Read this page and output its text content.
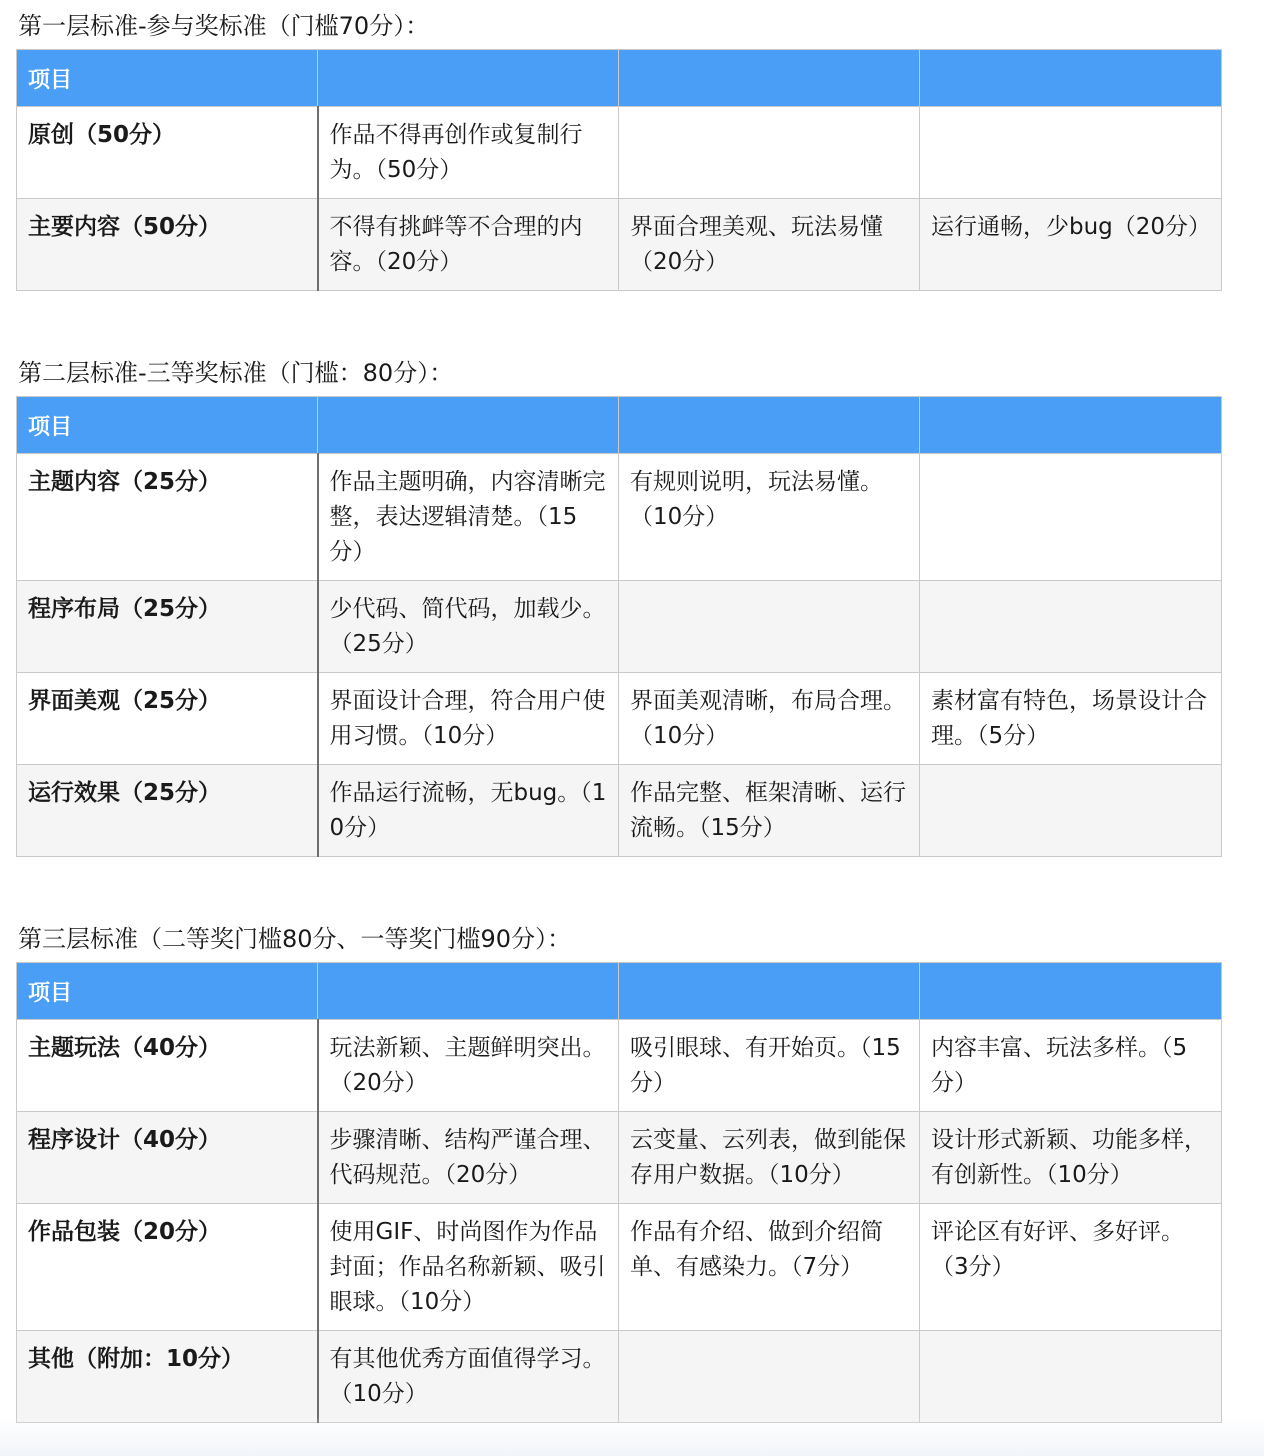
第一层标准-参与奖标准（门槛70分）：
项目			
原创（50分）	作品不得再创作或复制行为。（50分）		
主要内容（50分）	不得有挑衅等不合理的内容。（20分）	界面合理美观、玩法易懂（20分）	运行通畅，少bug（20分）
第二层标准-三等奖标准（门槛：80分）：
项目			
主题内容（25分）	作品主题明确，内容清晰完整，表达逻辑清楚。（15分）	有规则说明，玩法易懂。（10分）	
程序布局（25分）	少代码、简代码，加载少。（25分）		
界面美观（25分）	界面设计合理，符合用户使用习惯。（10分）	界面美观清晰，布局合理。（10分）	素材富有特色，场景设计合理。（5分）
运行效果（25分）	作品运行流畅，无bug。（10分）	作品完整、框架清晰、运行流畅。（15分）	
第三层标准（二等奖门槛80分、一等奖门槛90分）：
项目			
主题玩法（40分）	玩法新颖、主题鲜明突出。（20分）	吸引眼球、有开始页。（15分）	内容丰富、玩法多样。（5分）
程序设计（40分）	步骤清晰、结构严谨合理、代码规范。（20分）	云变量、云列表，做到能保存用户数据。（10分）	设计形式新颖、功能多样，有创新性。（10分）
作品包装（20分）	使用GIF、时尚图作为作品封面；作品名称新颖、吸引眼球。（10分）	作品有介绍、做到介绍简单、有感染力。（7分）	评论区有好评、多好评。（3分）
其他（附加：10分）	有其他优秀方面值得学习。（10分）		
